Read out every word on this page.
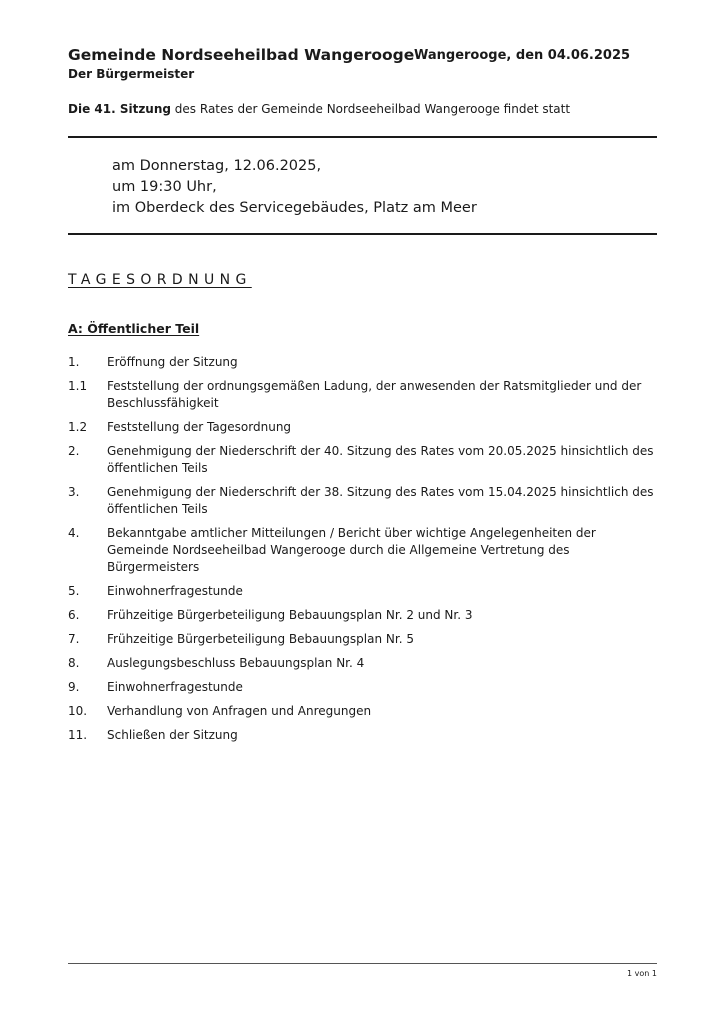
Gemeinde Nordseeheilbad Wangerooge Wangerooge, den 04.06.2025
Der Bürgermeister
Die 41. Sitzung des Rates der Gemeinde Nordseeheilbad Wangerooge findet statt
am Donnerstag, 12.06.2025,
um 19:30 Uhr,
im Oberdeck des Servicegebäudes, Platz am Meer
TAGESORDNUNG
A: Öffentlicher Teil
1.	Eröffnung der Sitzung
1.1	Feststellung der ordnungsgemäßen Ladung, der anwesenden der Ratsmitglieder und der Beschlussfähigkeit
1.2	Feststellung der Tagesordnung
2.	Genehmigung der Niederschrift der 40. Sitzung des Rates vom 20.05.2025 hinsichtlich des öffentlichen Teils
3.	Genehmigung der Niederschrift der 38. Sitzung des Rates vom 15.04.2025 hinsichtlich des öffentlichen Teils
4.	Bekanntgabe amtlicher Mitteilungen / Bericht über wichtige Angelegenheiten der Gemeinde Nordseeheilbad Wangerooge durch die Allgemeine Vertretung des Bürgermeisters
5.	Einwohnerfragestunde
6.	Frühzeitige Bürgerbeteiligung Bebauungsplan Nr. 2 und Nr. 3
7.	Frühzeitige Bürgerbeteiligung Bebauungsplan Nr. 5
8.	Auslegungsbeschluss Bebauungsplan Nr. 4
9.	Einwohnerfragestunde
10.	Verhandlung von Anfragen und Anregungen
11.	Schließen der Sitzung
1 von 1
